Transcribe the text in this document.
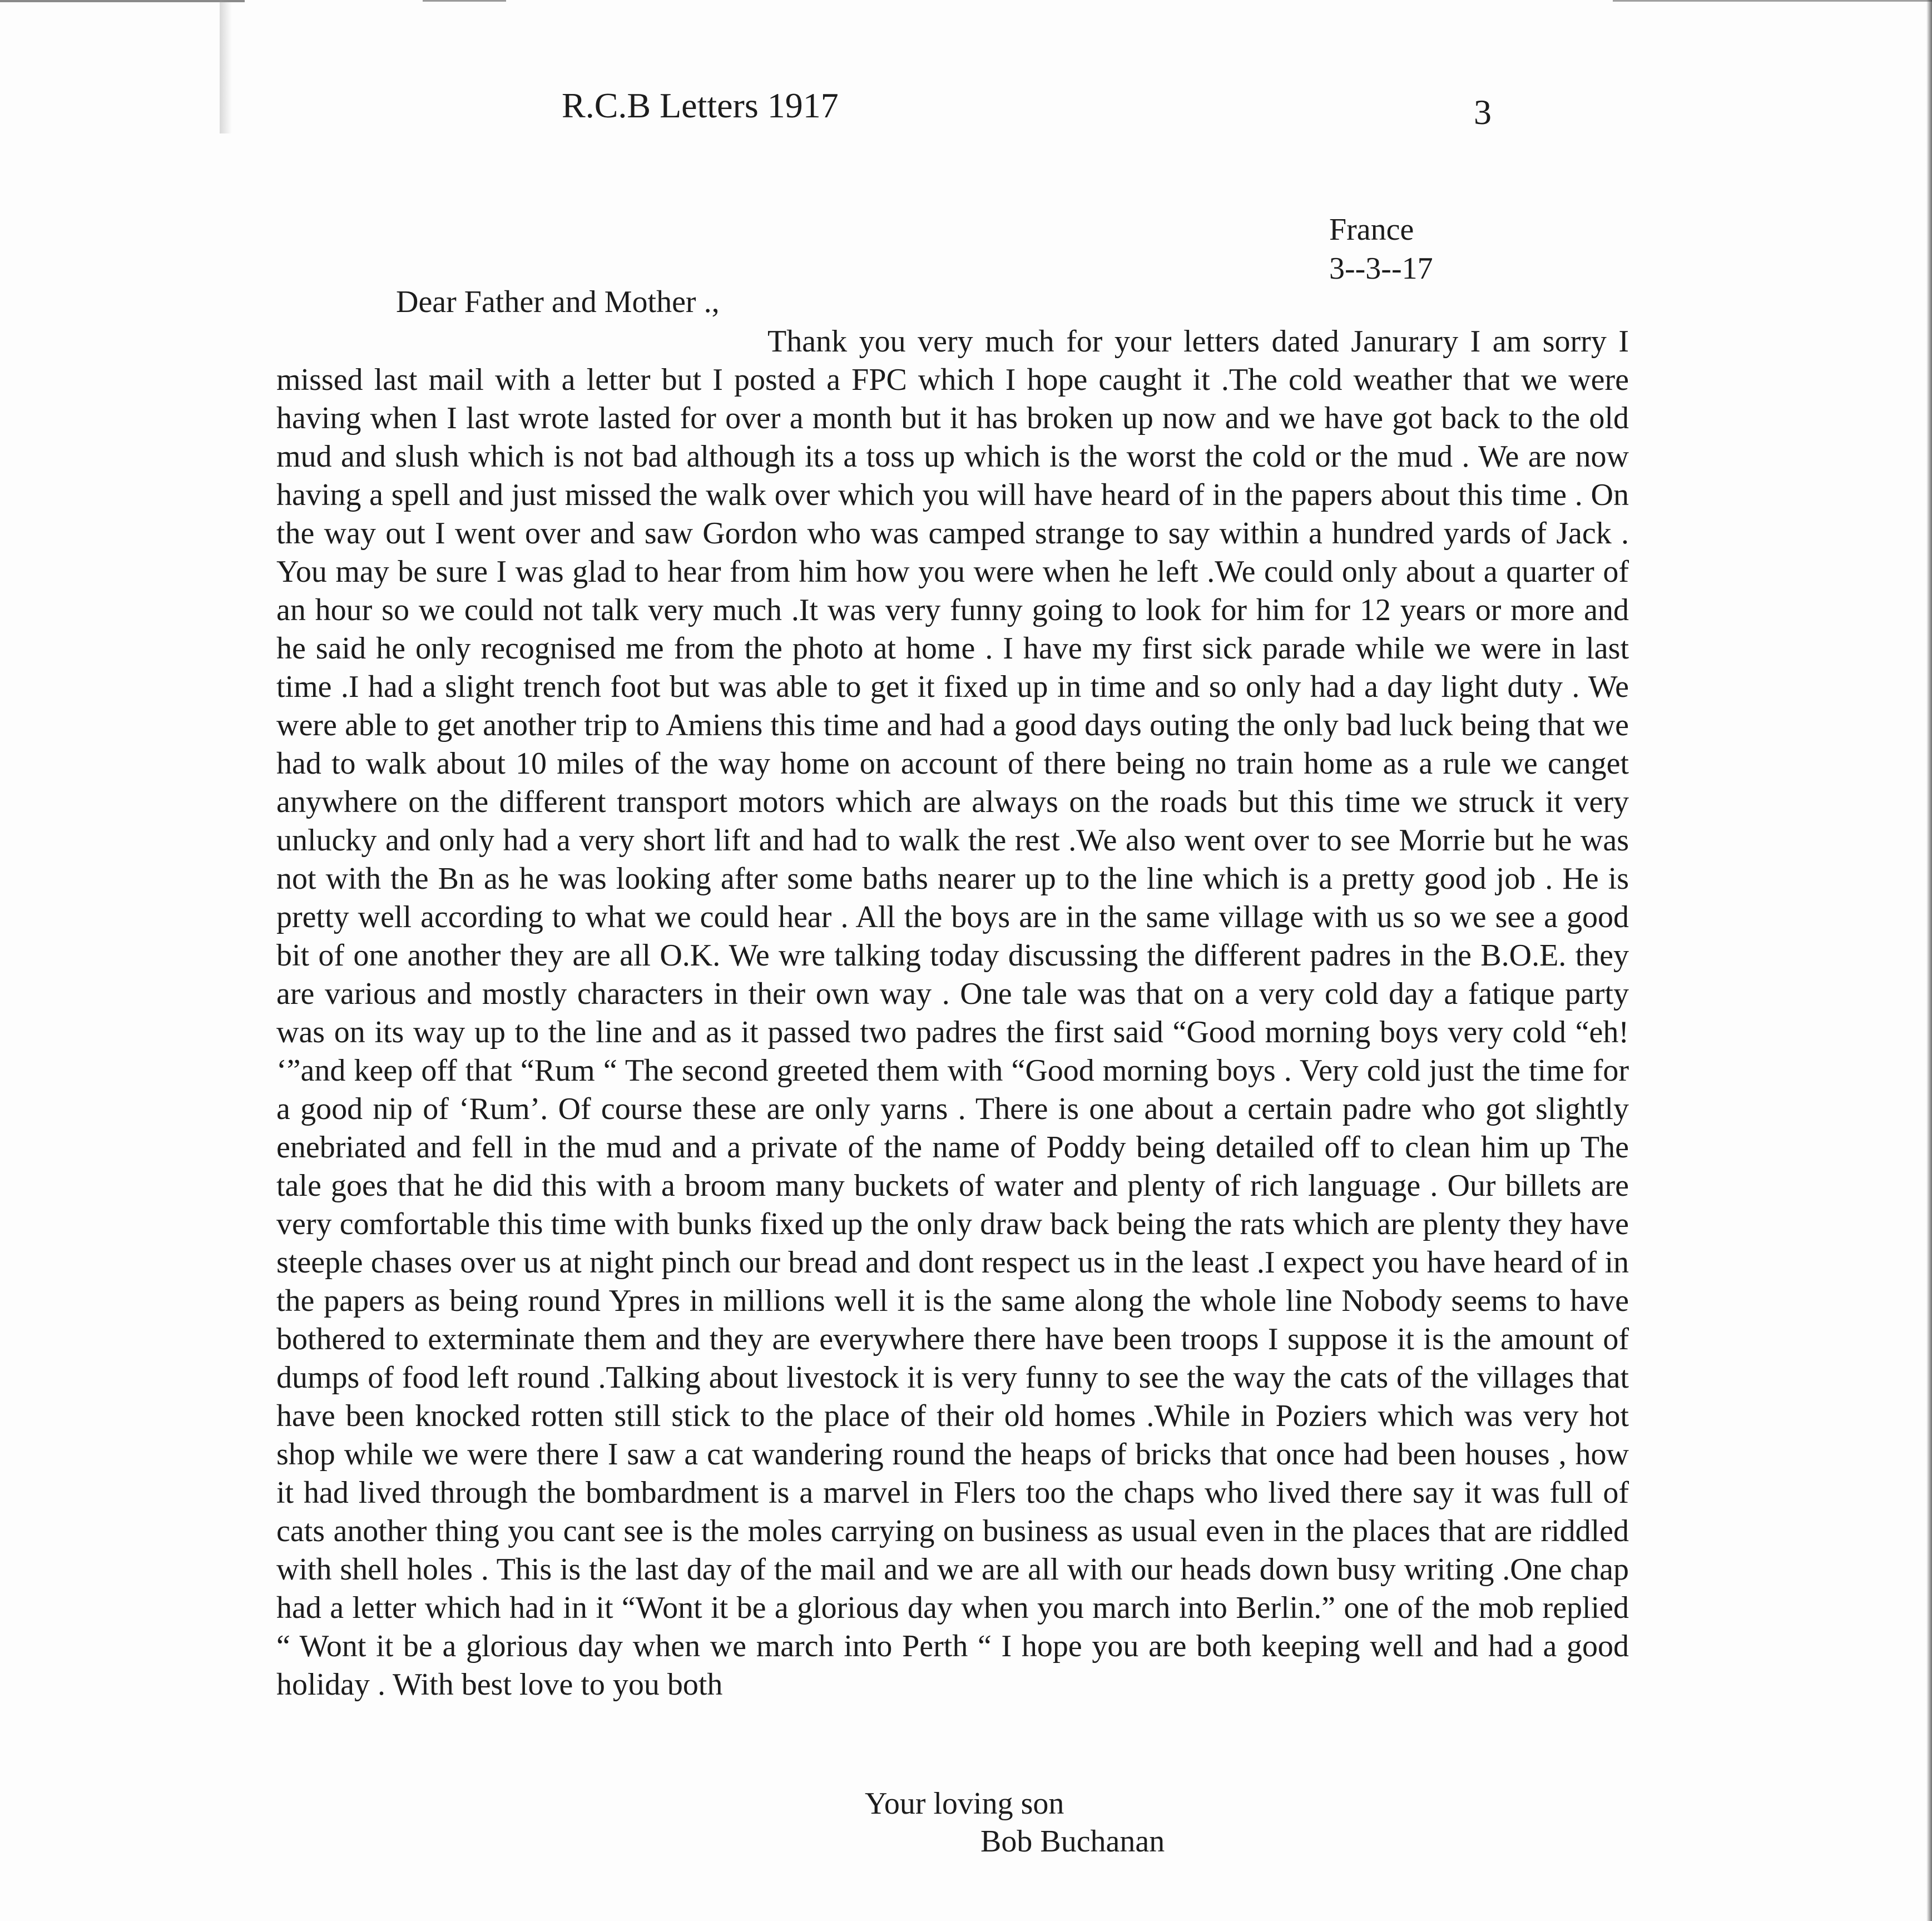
R.C.B Letters 1917	3
France
3--3--17
Dear Father and Mother .,

Thank you very much for your letters dated Janurary I am sorry I missed last mail with a letter but I posted a FPC which I hope caught it .The cold weather that we were having when I last wrote lasted for over a month but it has broken up now and we have got back to the old mud and slush which is not bad although its a toss up which is the worst the cold or the mud . We are now having a spell and just missed the walk over which you will have heard of in the papers about this time . On the way out I went over and saw Gordon who was camped strange to say within a hundred yards of Jack . You may be sure I was glad to hear from him how you were when he left .We could only about a quarter of an hour so we could not talk very much .It was very funny going to look for him for 12 years or more and he said he only recognised me from the photo at home . I have my first sick parade while we were in last time .I had a slight trench foot but was able to get it fixed up in time and so only had a day light duty . We were able to get another trip to Amiens this time and had a good days outing the only bad luck being that we had to walk about 10 miles of the way home on account of there being no train home as a rule we canget anywhere on the different transport motors which are always on the roads but this time we struck it very unlucky and only had a very short lift and had to walk the rest .We also went over to see Morrie but he was not with the Bn as he was looking after some baths nearer up to the line which is a pretty good job . He is pretty well according to what we could hear . All the boys are in the same village with us so we see a good bit of one another they are all O.K. We wre talking today discussing the different padres in the B.O.E. they are various and mostly characters in their own way . One tale was that on a very cold day a fatique party was on its way up to the line and as it passed two padres the first said “Good morning boys very cold “eh! ‘”and keep off that “Rum “ The second greeted them with “Good morning boys . Very cold just the time for a good nip of ‘Rum’. Of course these are only yarns . There is one about a certain padre who got slightly enebriated and fell in the mud and a private of the name of Poddy being detailed off to clean him up The tale goes that he did this with a broom many buckets of water and plenty of rich language . Our billets are very comfortable this time with bunks fixed up the only draw back being the rats which are plenty they have steeple chases over us at night pinch our bread and dont respect us in the least .I expect you have heard of in the papers as being round Ypres in millions well it is the same along the whole line Nobody seems to have bothered to exterminate them and they are everywhere there have been troops I suppose it is the amount of dumps of food left round .Talking about livestock it is very funny to see the way the cats of the villages that have been knocked rotten still stick to the place of their old homes .While in Poziers which was very hot shop while we were there I saw a cat wandering round the heaps of bricks that once had been houses , how it had lived through the bombardment is a marvel in Flers too the chaps who lived there say it was full of cats another thing you cant see is the moles carrying on business as usual even in the places that are riddled with shell holes . This is the last day of the mail and we are all with our heads down busy writing .One chap had a letter which had in it “Wont it be a glorious day when you march into Berlin.” one of the mob replied “ Wont it be a glorious day when we march into Perth “ I hope you are both keeping well and had a good holiday . With best love to you both

Your loving son
Bob Buchanan
